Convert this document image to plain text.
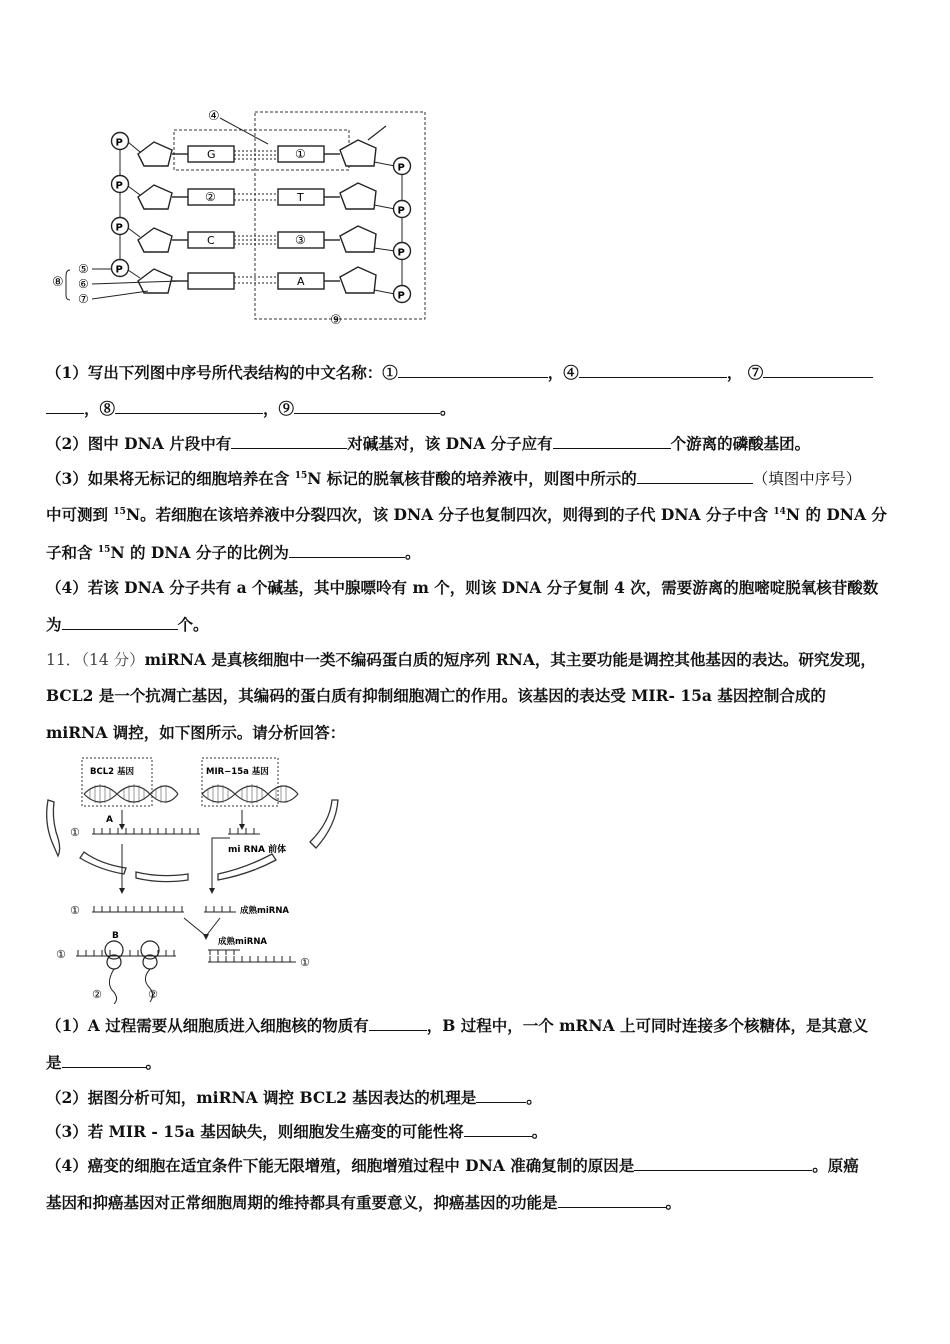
④
⑨
P
G	①
P
P
②	T
P
P
C	③
P
P
A
P
⑧
⑤
⑥
⑦
（1）写出下列图中序号所代表结构的中文名称：①	，④	， ⑦
，⑧	，⑨	。
（2）图中 DNA 片段中有	对碱基对，该 DNA 分子应有	个游离的磷酸基团。
（3）如果将无标记的细胞培养在含 $^{15}$N 标记的脱氧核苷酸的培养液中，则图中所示的	（填图中序号）
中可测到 $^{15}$N。若细胞在该培养液中分裂四次，该 DNA 分子也复制四次，则得到的子代 DNA 分子中含 $^{14}$N 的 DNA 分
子和含 $^{15}$N 的 DNA 分子的比例为	。
（4）若该 DNA 分子共有 a 个碱基，其中腺嘌呤有 m 个，则该 DNA 分子复制 4 次，需要游离的胞嘧啶脱氧核苷酸数
为	个。
11．（14 分）miRNA 是真核细胞中一类不编码蛋白质的短序列 RNA，其主要功能是调控其他基因的表达。研究发现，
BCL2 是一个抗凋亡基因，其编码的蛋白质有抑制细胞凋亡的作用。该基因的表达受 MIR- 15a 基因控制合成的
miRNA 调控，如下图所示。请分析回答：
BCL2 基因	MIR−15a 基因
A
①
mi RNA 前体
①	成熟miRNA
B
①
②	②
成熟miRNA
①
（1）A 过程需要从细胞质进入细胞核的物质有	，B 过程中，一个 mRNA 上可同时连接多个核糖体，是其意义
是	。
（2）据图分析可知，miRNA 调控 BCL2 基因表达的机理是	。
（3）若 MIR - 15a 基因缺失，则细胞发生癌变的可能性将	。
（4）癌变的细胞在适宜条件下能无限增殖，细胞增殖过程中 DNA 准确复制的原因是	。原癌
基因和抑癌基因对正常细胞周期的维持都具有重要意义，抑癌基因的功能是	。
